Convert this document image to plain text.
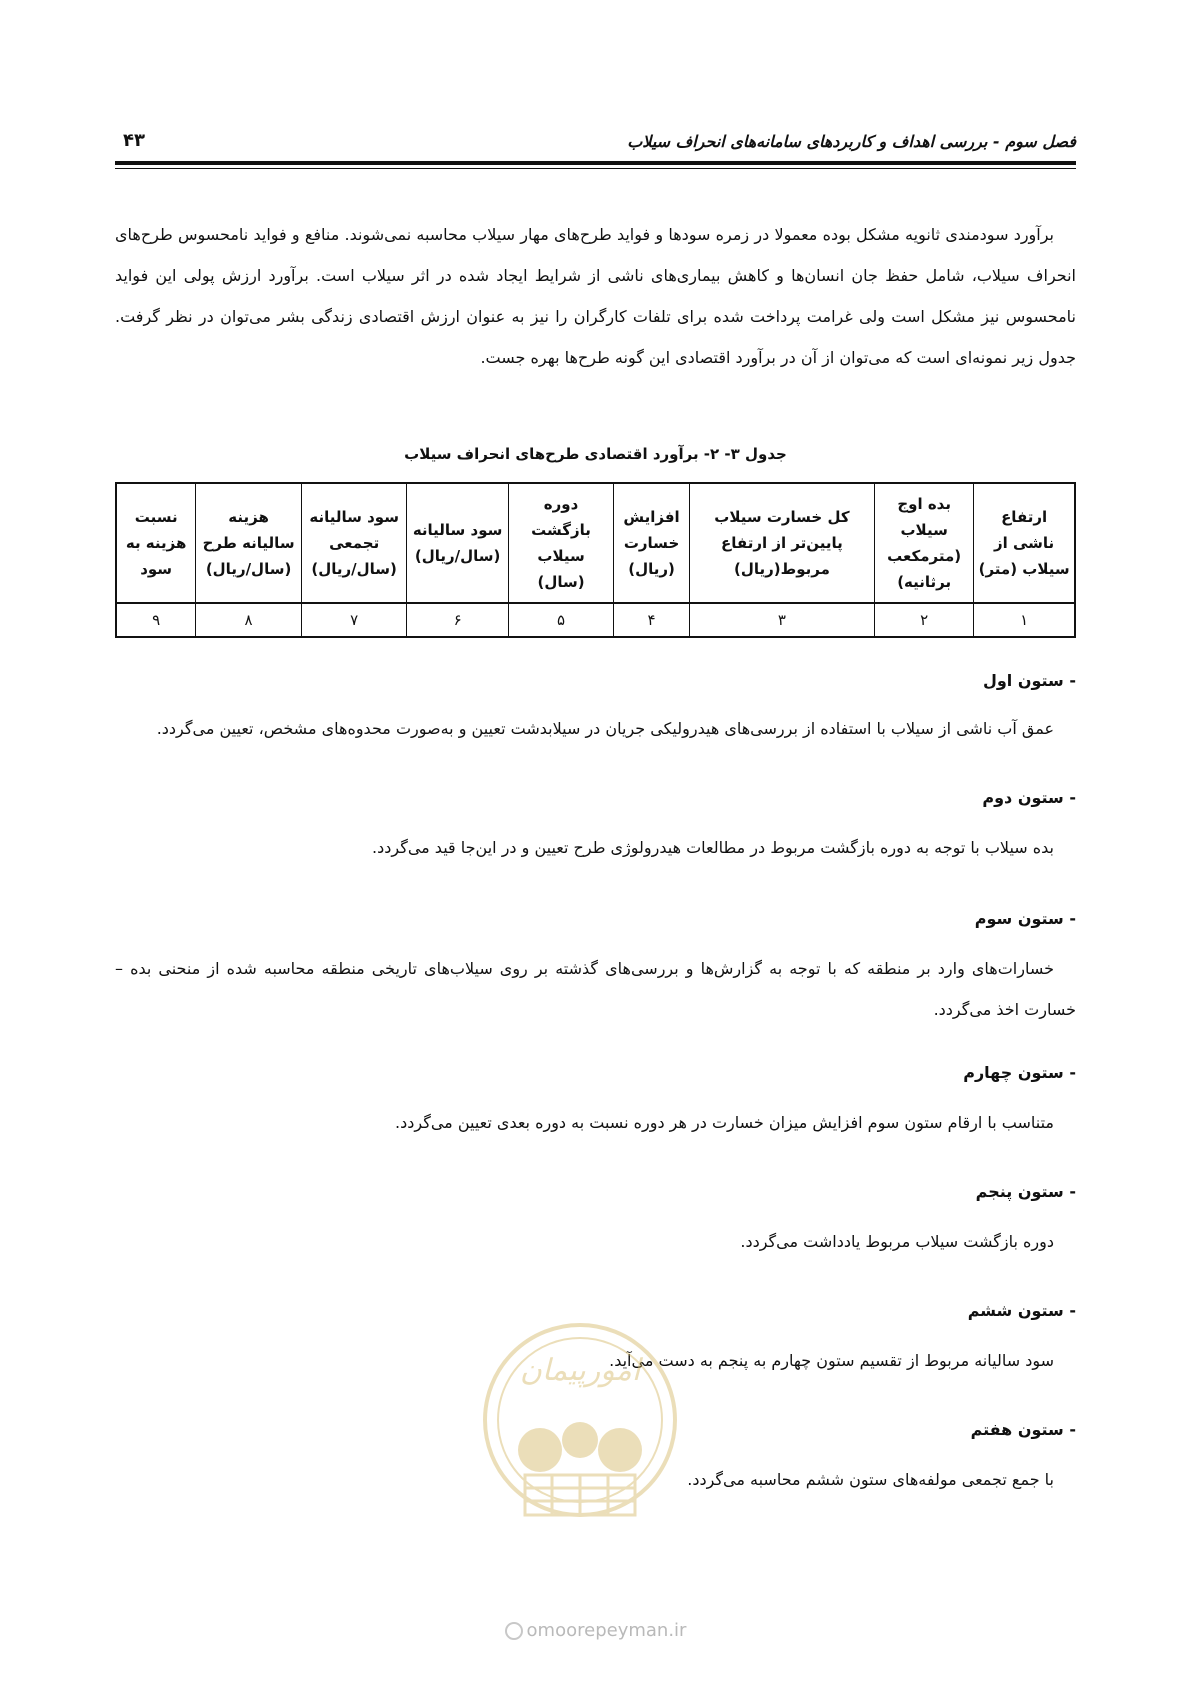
فصل سوم - بررسی اهداف و کاربردهای سامانه‌های انحراف سیلاب
۴۳

برآورد سودمندی ثانویه مشکل بوده معمولا در زمره سودها و فواید طرح‌های مهار سیلاب محاسبه نمی‌شوند. منافع و فواید نامحسوس طرح‌های انحراف سیلاب، شامل حفظ جان انسان‌ها و کاهش بیماری‌های ناشی از شرایط ایجاد شده در اثر سیلاب است. برآورد ارزش پولی این فواید نامحسوس نیز مشکل است ولی غرامت پرداخت شده برای تلفات کارگران را نیز به عنوان ارزش اقتصادی زندگی بشر می‌توان در نظر گرفت. جدول زیر نمونه‌ای است که می‌توان از آن در برآورد اقتصادی این گونه طرح‌ها بهره جست.

جدول ۳- ۲- برآورد اقتصادی طرح‌های انحراف سیلاب
ارتفاع ناشی از سیلاب (متر)	بده اوج سیلاب (مترمکعب برثانیه)	کل خسارت سیلاب پایین‌تر از ارتفاع مربوط(ریال)	افزایش خسارت (ریال)	دوره بازگشت سیلاب (سال)	سود سالیانه (سال/ریال)	سود سالیانه تجمعی (سال/ریال)	هزینه سالیانه طرح (سال/ریال)	نسبت هزینه به سود
۱	۲	۳	۴	۵	۶	۷	۸	۹
- ستون اول

عمق آب ناشی از سیلاب با استفاده از بررسی‌های هیدرولیکی جریان در سیلابدشت تعیین و به‌صورت محدوه‌های مشخص، تعیین می‌گردد.

- ستون دوم

بده سیلاب با توجه به دوره بازگشت مربوط در مطالعات هیدرولوژی طرح تعیین و در این‌جا قید می‌گردد.

- ستون سوم

خسارات‌های وارد بر منطقه که با توجه به گزارش‌ها و بررسی‌های گذشته بر روی سیلاب‌های تاریخی منطقه محاسبه شده از منحنی بده – خسارت اخذ می‌گردد.

- ستون چهارم

متناسب با ارقام ستون سوم افزایش میزان خسارت در هر دوره نسبت به دوره بعدی تعیین می‌گردد.

- ستون پنجم

دوره بازگشت سیلاب مربوط یادداشت می‌گردد.

- ستون ششم

سود سالیانه مربوط از تقسیم ستون چهارم به پنجم به دست می‌آید.

- ستون هفتم

با جمع تجمعی مولفه‌های ستون ششم محاسبه می‌گردد.

امورپیمان
omoorepeyman.ir
